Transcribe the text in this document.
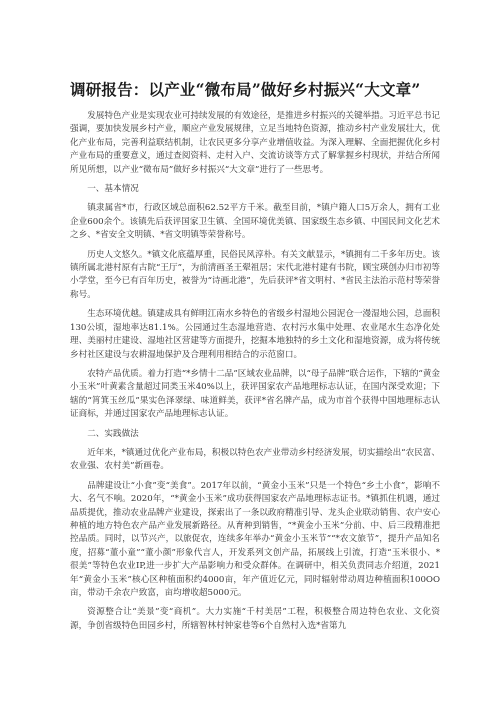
调研报告：以产业“微布局”做好乡村振兴“大文章”
发展特色产业是实现农业可持续发展的有效途径，是推进乡村振兴的关键举措。习近平总书记强调，要加快发展乡村产业，顺应产业发展规律，立足当地特色资源，推动乡村产业发展壮大，优化产业布局，完善利益联结机制，让农民更多分享产业增值收益。为深入理解、全面把握优化乡村产业布局的重要意义，通过查阅资料、走村入户、交流访谈等方式了解掌握乡村现状，并结合所闻所见所想，以产业“微布局”做好乡村振兴“大文章”进行了一些思考。
一、基本情况
镇隶属省*市，行政区域总面积62.52平方千米。截至目前，*镇户籍人口5万余人，拥有工业企业600余个。该镇先后获评国家卫生镇、全国环境优美镇、国家级生态乡镇、中国民间文化艺术之乡、*省安全文明镇、*省文明镇等荣誉称号。
历史人文悠久。*镇文化底蕴厚重，民俗民风淳朴。有关文献显示，*镇拥有二千多年历史。该镇所属北港村原有古院“王厅”，为前清画圣王翚祖居；宋代北港村建有书院，顾宝瑛创办归市初等小学堂，至今已有百年历史，被誉为“诗画北港”，先后获评*省文明村、*省民主法治示范村等荣誉称号。
生态环境优越。镇建成具有鲜明江南水乡特色的省级乡村湿地公园泥仓一漫湿地公园，总面积130公顷，湿地率达81.1%。公园通过生态湿地营造、农村污水集中处理、农业尾水生态净化处理、美丽村庄建设、湿地社区营建等方面提升，挖掘本地独特的乡土文化和湿地资源，成为将传统乡村社区建设与农耕湿地保护及合理利用相结合的示范窗口。
农特产品优质。着力打造“*乡情十二品”区域农业品牌，以“母子品牌”联合运作，下辖的“黄金小玉米”叶黄素含量超过同类玉米40%以上，获评国家农产品地理标志认证，在国内深受欢迎；下辖的“筲箕玉丝瓜”果实色泽翠绿、味道鲜美，获评*省名牌产品，成为市首个获得中国地理标志认证商标，并通过国家农产品地理标志认证。
二、实践做法
近年来，*镇通过优化产业布局，积极以特色农产业带动乡村经济发展，切实描绘出“农民富、农业强、农村美”新画卷。
品牌建设让“小食”变“美食”。2017年以前，“黄金小玉米”只是一个特色“乡土小食”，影响不大、名气不响。2020年，“*黄金小玉米”成功获得国家农产品地理标志证书。*镇抓住机遇，通过品质提优，推动农业品牌产业建设，探索出了一条以政府精准引导、龙头企业联动销售、农户安心种植的地方特色农产品产业发展新路径。从育种到销售，“*黄金小玉米”分前、中、后三段精准把控品质。同时，以节兴产，以旅促农，连续多年举办“黄金小玉米节”“*农文旅节”，提升产品知名度，招募“董小童”“董小颜”形象代言人，开发系列文创产品，拓展线上引流，打造“玉米很小、*很美”等特色农业IP,进一步扩大产品影响力和受众群体。在调研中，相关负责同志介绍道，2021年“黄金小玉米”核心区种植面积约4000亩，年产值近亿元，同时辐射带动周边种植面积100OO亩，带动千余农户致富，亩均增收超5000元。
资源整合让“美景”变“商机”。大力实施“千村美居”工程，积极整合周边特色农业、文化资源，争创省级特色田园乡村，所辖智林村钟家巷等6个自然村入选*省第九
